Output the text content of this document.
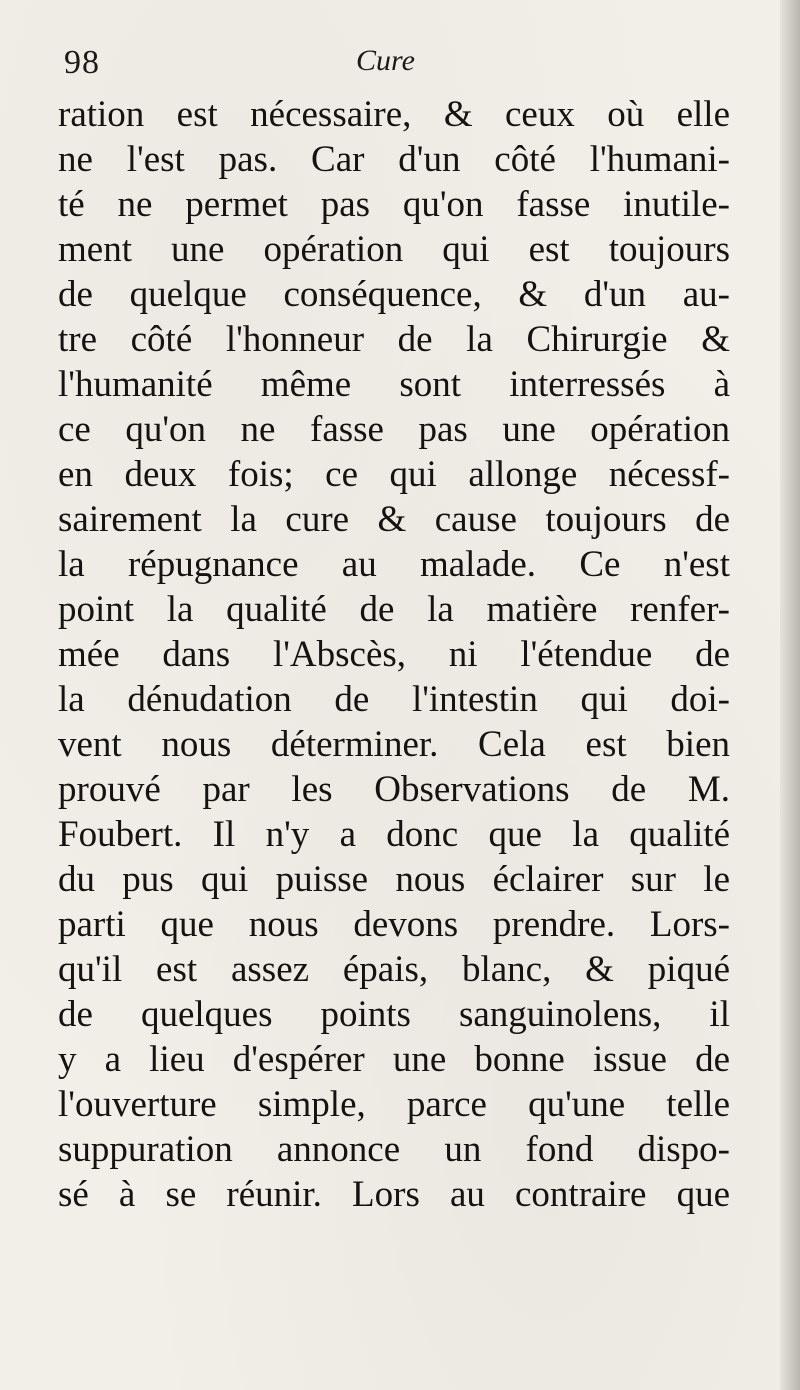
98	Cure
ration est nécessaire, & ceux où elle
ne l'est pas. Car d'un côté l'humani-
té ne permet pas qu'on fasse inutile-
ment une opération qui est toujours
de quelque conséquence, & d'un au-
tre côté l'honneur de la Chirurgie &
l'humanité même sont interressés à
ce qu'on ne fasse pas une opération
en deux fois; ce qui allonge nécessf-
sairement la cure & cause toujours de
la répugnance au malade. Ce n'est
point la qualité de la matière renfer-
mée dans l'Abscès, ni l'étendue de
la dénudation de l'intestin qui doi-
vent nous déterminer. Cela est bien
prouvé par les Observations de M.
Foubert. Il n'y a donc que la qualité
du pus qui puisse nous éclairer sur le
parti que nous devons prendre. Lors-
qu'il est assez épais, blanc, & piqué
de quelques points sanguinolens, il
y a lieu d'espérer une bonne issue de
l'ouverture simple, parce qu'une telle
suppuration annonce un fond dispo-
sé à se réunir. Lors au contraire que
